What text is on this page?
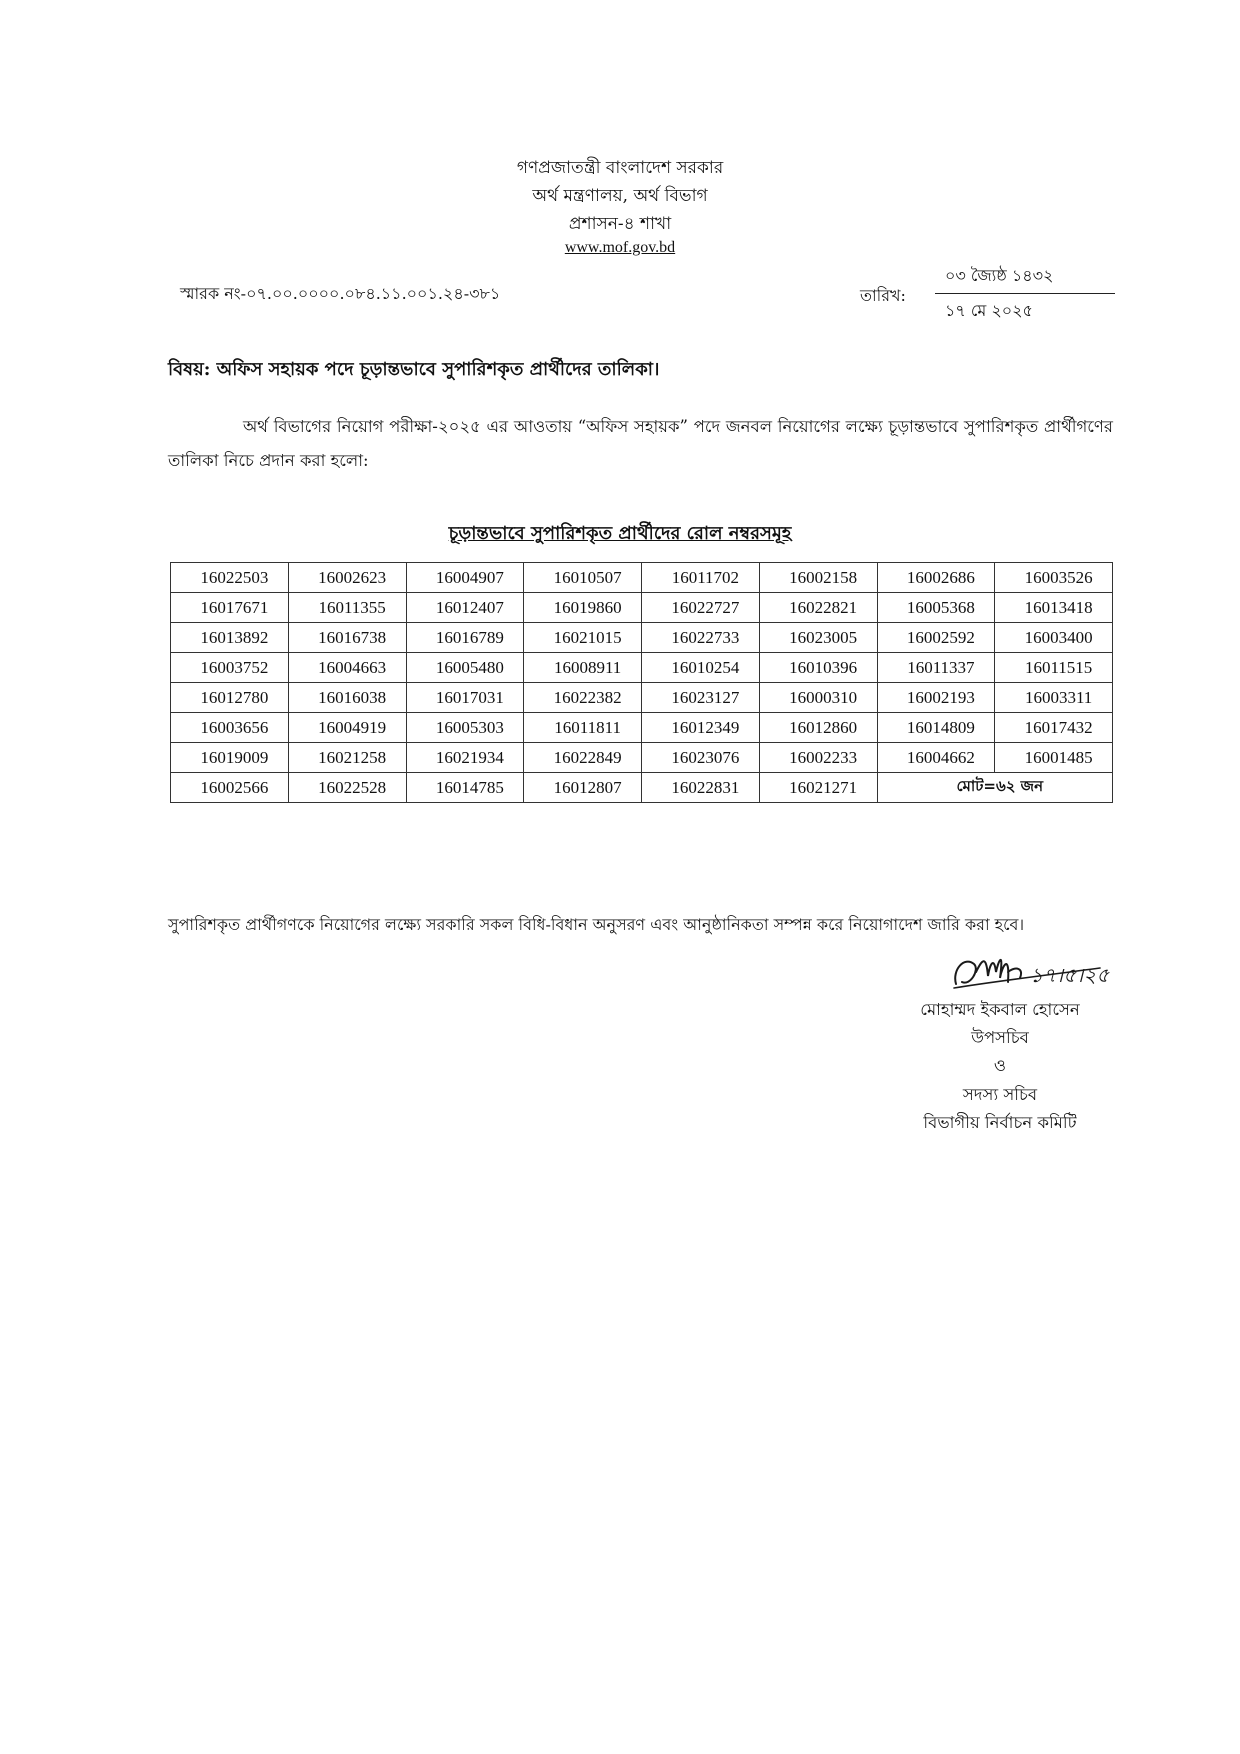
গণপ্রজাতন্ত্রী বাংলাদেশ সরকার
অর্থ মন্ত্রণালয়, অর্থ বিভাগ
প্রশাসন-৪ শাখা
www.mof.gov.bd
স্মারক নং-০৭.০০.০০০০.০৮৪.১১.০০১.২৪-৩৮১	তারিখ:
০৩ জ্যৈষ্ঠ ১৪৩২
১৭ মে ২০২৫
বিষয়: অফিস সহায়ক পদে চূড়ান্তভাবে সুপারিশকৃত প্রার্থীদের তালিকা।
অর্থ বিভাগের নিয়োগ পরীক্ষা-২০২৫ এর আওতায় “অফিস সহায়ক” পদে জনবল নিয়োগের লক্ষ্যে চূড়ান্তভাবে সুপারিশকৃত প্রার্থীগণের তালিকা নিচে প্রদান করা হলো:
চূড়ান্তভাবে সুপারিশকৃত প্রার্থীদের রোল নম্বরসমূহ
16022503	16002623	16004907	16010507	16011702	16002158	16002686	16003526
16017671	16011355	16012407	16019860	16022727	16022821	16005368	16013418
16013892	16016738	16016789	16021015	16022733	16023005	16002592	16003400
16003752	16004663	16005480	16008911	16010254	16010396	16011337	16011515
16012780	16016038	16017031	16022382	16023127	16000310	16002193	16003311
16003656	16004919	16005303	16011811	16012349	16012860	16014809	16017432
16019009	16021258	16021934	16022849	16023076	16002233	16004662	16001485
16002566	16022528	16014785	16012807	16022831	16021271	মোট=৬২ জন	
সুপারিশকৃত প্রার্থীগণকে নিয়োগের লক্ষ্যে সরকারি সকল বিধি-বিধান অনুসরণ এবং আনুষ্ঠানিকতা সম্পন্ন করে নিয়োগাদেশ জারি করা হবে।
১৭।৫।২৫
মোহাম্মদ ইকবাল হোসেন
উপসচিব
ও
সদস্য সচিব
বিভাগীয় নির্বাচন কমিটি
